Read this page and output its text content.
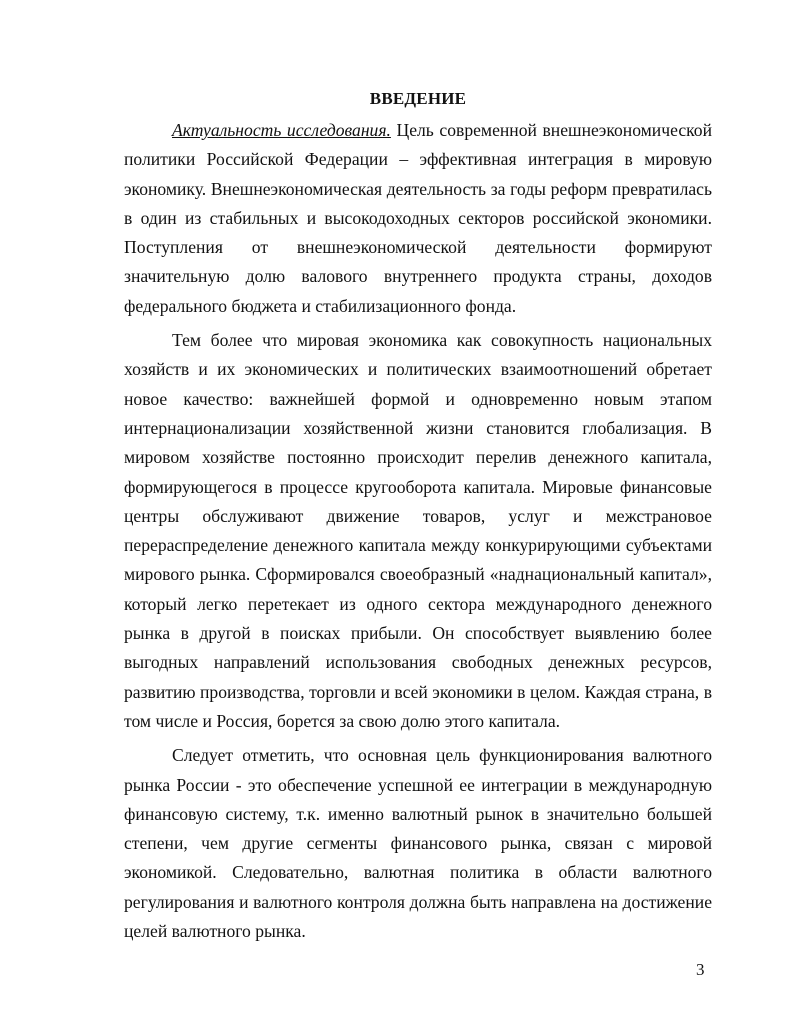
ВВЕДЕНИЕ

Актуальность исследования. Цель современной внешнеэкономической политики Российской Федерации – эффективная интеграция в мировую экономику. Внешнеэкономическая деятельность за годы реформ превратилась в один из стабильных и высокодоходных секторов российской экономики. Поступления от внешнеэкономической деятельности формируют значительную долю валового внутреннего продукта страны, доходов федерального бюджета и стабилизационного фонда.

Тем более что мировая экономика как совокупность национальных хозяйств и их экономических и политических взаимоотношений обретает новое качество: важнейшей формой и одновременно новым этапом интернационализации хозяйственной жизни становится глобализация. В мировом хозяйстве постоянно происходит перелив денежного капитала, формирующегося в процессе кругооборота капитала. Мировые финансовые центры обслуживают движение товаров, услуг и межстрановое перераспределение денежного капитала между конкурирующими субъектами мирового рынка. Сформировался своеобразный «наднациональный капитал», который легко перетекает из одного сектора международного денежного рынка в другой в поисках прибыли. Он способствует выявлению более выгодных направлений использования свободных денежных ресурсов, развитию производства, торговли и всей экономики в целом. Каждая страна, в том числе и Россия, борется за свою долю этого капитала.

Следует отметить, что основная цель функционирования валютного рынка России - это обеспечение успешной ее интеграции в международную финансовую систему, т.к. именно валютный рынок в значительно большей степени, чем другие сегменты финансового рынка, связан с мировой экономикой. Следовательно, валютная политика в области валютного регулирования и валютного контроля должна быть направлена на достижение целей валютного рынка.

3
